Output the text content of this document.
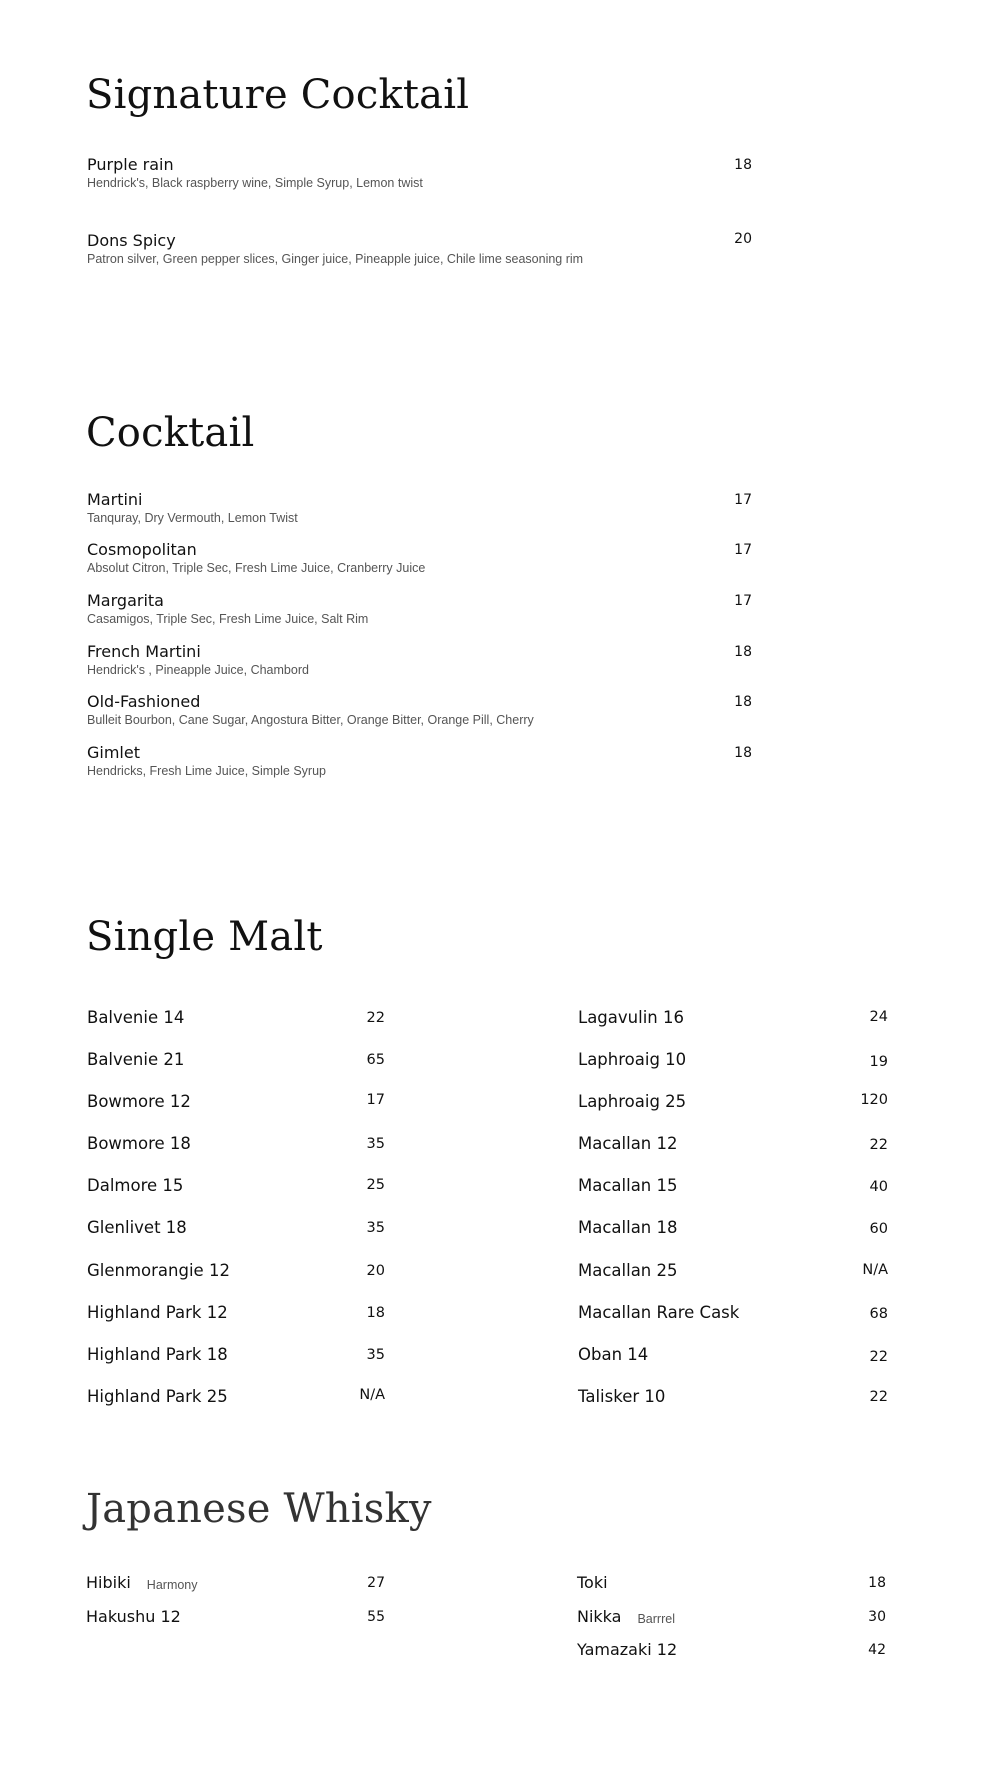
Signature Cocktail
Purple rain
Hendrick's, Black raspberry wine, Simple Syrup, Lemon twist
18
Dons Spicy
Patron silver, Green pepper slices, Ginger juice, Pineapple juice, Chile lime seasoning rim
20
Cocktail
Martini
Tanquray, Dry Vermouth, Lemon Twist
17
Cosmopolitan
Absolut Citron, Triple Sec, Fresh Lime Juice, Cranberry Juice
17
Margarita
Casamigos, Triple Sec, Fresh Lime Juice, Salt Rim
17
French Martini
Hendrick's , Pineapple Juice, Chambord
18
Old-Fashioned
Bulleit Bourbon, Cane Sugar, Angostura Bitter, Orange Bitter, Orange Pill, Cherry
18
Gimlet
Hendricks, Fresh Lime Juice, Simple Syrup
18
Single Malt
Balvenie 14	22
Balvenie 21	65
Bowmore 12	17
Bowmore 18	35
Dalmore 15	25
Glenlivet 18	35
Glenmorangie 12	20
Highland Park 12	18
Highland Park 18	35
Highland Park 25	N/A
Lagavulin 16	24
Laphroaig 10	19
Laphroaig 25	120
Macallan 12	22
Macallan 15	40
Macallan 18	60
Macallan 25	N/A
Macallan Rare Cask	68
Oban 14	22
Talisker 10	22
Japanese Whisky
Hibiki Harmony	27
Hakushu 12	55
Toki	18
Nikka Barrrel	30
Yamazaki 12	42
